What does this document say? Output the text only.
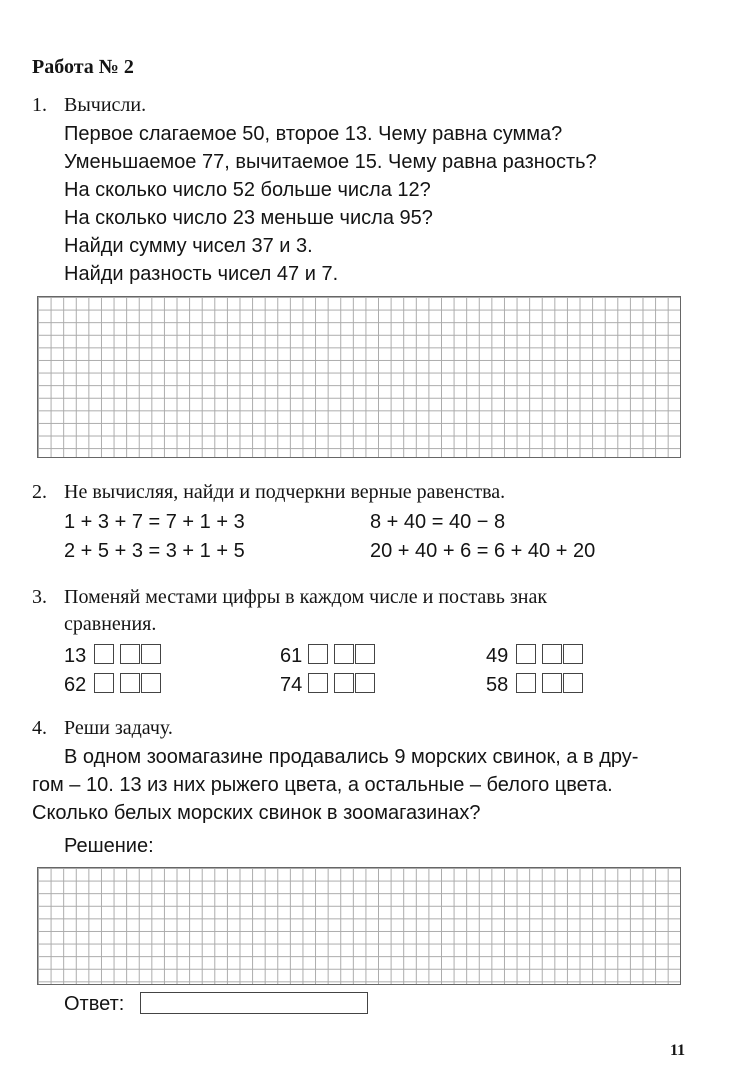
Работа № 2
1. Вычисли.
Первое слагаемое 50, второе 13. Чему равна сумма?
Уменьшаемое 77, вычитаемое 15. Чему равна разность?
На сколько число 52 больше числа 12?
На сколько число 23 меньше числа 95?
Найди сумму чисел 37 и 3.
Найди разность чисел 47 и 7.
2. Не вычисляя, найди и подчеркни верные равенства.
1 + 3 + 7 = 7 + 1 + 3	8 + 40 = 40 − 8
2 + 5 + 3 = 3 + 1 + 5	20 + 40 + 6 = 6 + 40 + 20
3. Поменяй местами цифры в каждом числе и поставь знак
сравнения.
13	61	49
62	74	58
4. Реши задачу.
В одном зоомагазине продавались 9 морских свинок, а в дру-
гом – 10. 13 из них рыжего цвета, а остальные – белого цвета.
Сколько белых морских свинок в зоомагазинах?
Решение:
Ответ:
11
